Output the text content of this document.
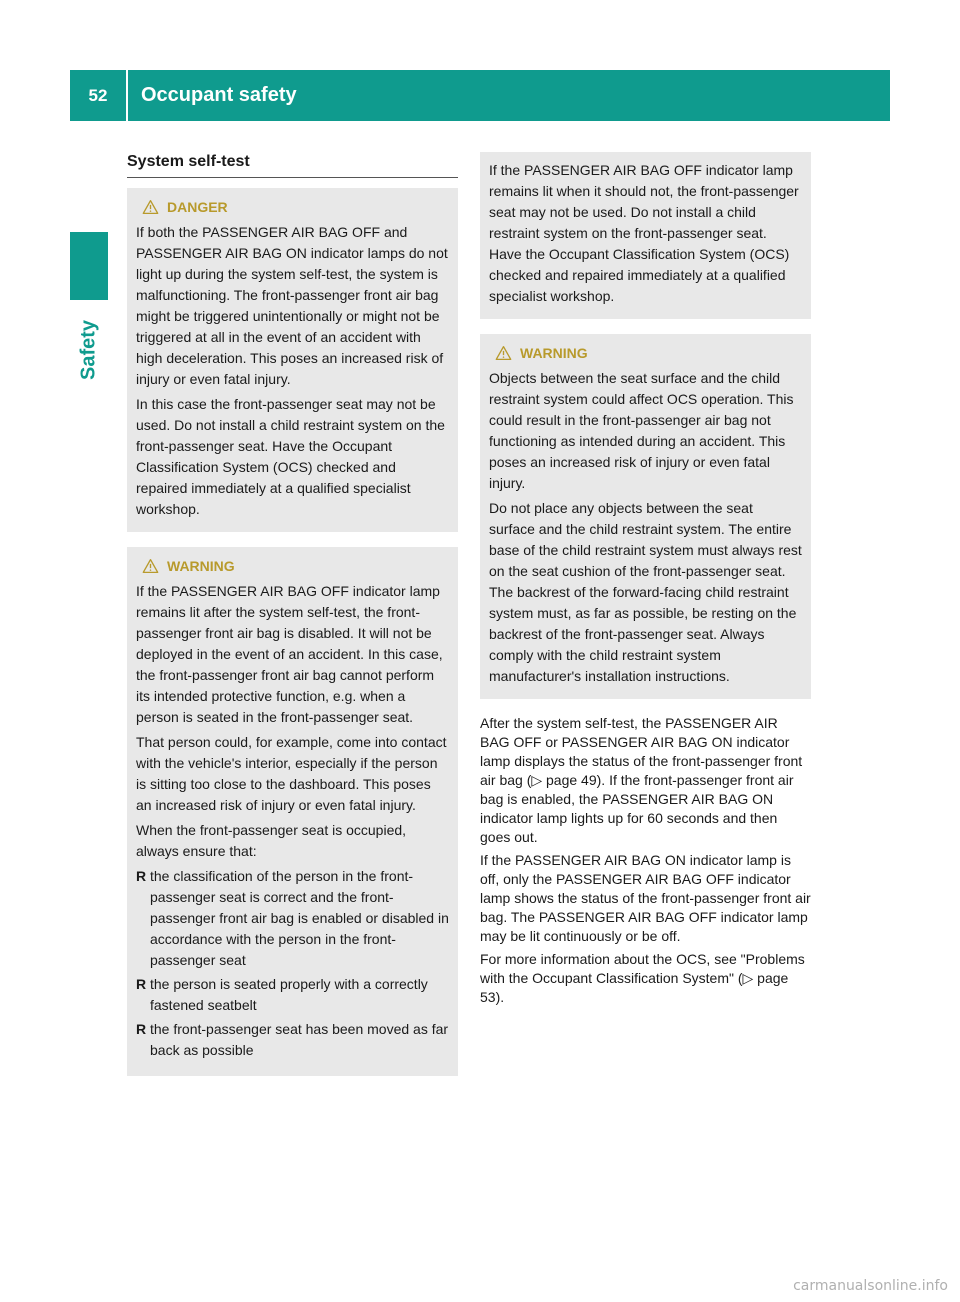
52	Occupant safety
Safety
System self-test
DANGER

If both the PASSENGER AIR BAG OFF and PASSENGER AIR BAG ON indicator lamps do not light up during the system self-test, the system is malfunctioning. The front-passenger front air bag might be triggered unintentionally or might not be triggered at all in the event of an accident with high deceleration. This poses an increased risk of injury or even fatal injury.

In this case the front-passenger seat may not be used. Do not install a child restraint system on the front-passenger seat. Have the Occupant Classification System (OCS) checked and repaired immediately at a qualified specialist workshop.

WARNING

If the PASSENGER AIR BAG OFF indicator lamp remains lit after the system self-test, the front-passenger front air bag is disabled. It will not be deployed in the event of an accident. In this case, the front-passenger front air bag cannot perform its intended protective function, e.g. when a person is seated in the front-passenger seat.

That person could, for example, come into contact with the vehicle's interior, especially if the person is sitting too close to the dashboard. This poses an increased risk of injury or even fatal injury.

When the front-passenger seat is occupied, always ensure that:

R the classification of the person in the front-passenger seat is correct and the front-passenger front air bag is enabled or disabled in accordance with the person in the front-passenger seat
R the person is seated properly with a correctly fastened seatbelt
R the front-passenger seat has been moved as far back as possible

If the PASSENGER AIR BAG OFF indicator lamp remains lit when it should not, the front-passenger seat may not be used. Do not install a child restraint system on the front-passenger seat. Have the Occupant Classification System (OCS) checked and repaired immediately at a qualified specialist workshop.

WARNING

Objects between the seat surface and the child restraint system could affect OCS operation. This could result in the front-passenger air bag not functioning as intended during an accident. This poses an increased risk of injury or even fatal injury.

Do not place any objects between the seat surface and the child restraint system. The entire base of the child restraint system must always rest on the seat cushion of the front-passenger seat. The backrest of the forward-facing child restraint system must, as far as possible, be resting on the backrest of the front-passenger seat. Always comply with the child restraint system manufacturer's installation instructions.

After the system self-test, the PASSENGER AIR BAG OFF or PASSENGER AIR BAG ON indicator lamp displays the status of the front-passenger front air bag (▷ page 49). If the front-passenger front air bag is enabled, the PASSENGER AIR BAG ON indicator lamp lights up for 60 seconds and then goes out.

If the PASSENGER AIR BAG ON indicator lamp is off, only the PASSENGER AIR BAG OFF indicator lamp shows the status of the front-passenger front air bag. The PASSENGER AIR BAG OFF indicator lamp may be lit continuously or be off.

For more information about the OCS, see "Problems with the Occupant Classification System" (▷ page 53).

carmanualsonline.info
